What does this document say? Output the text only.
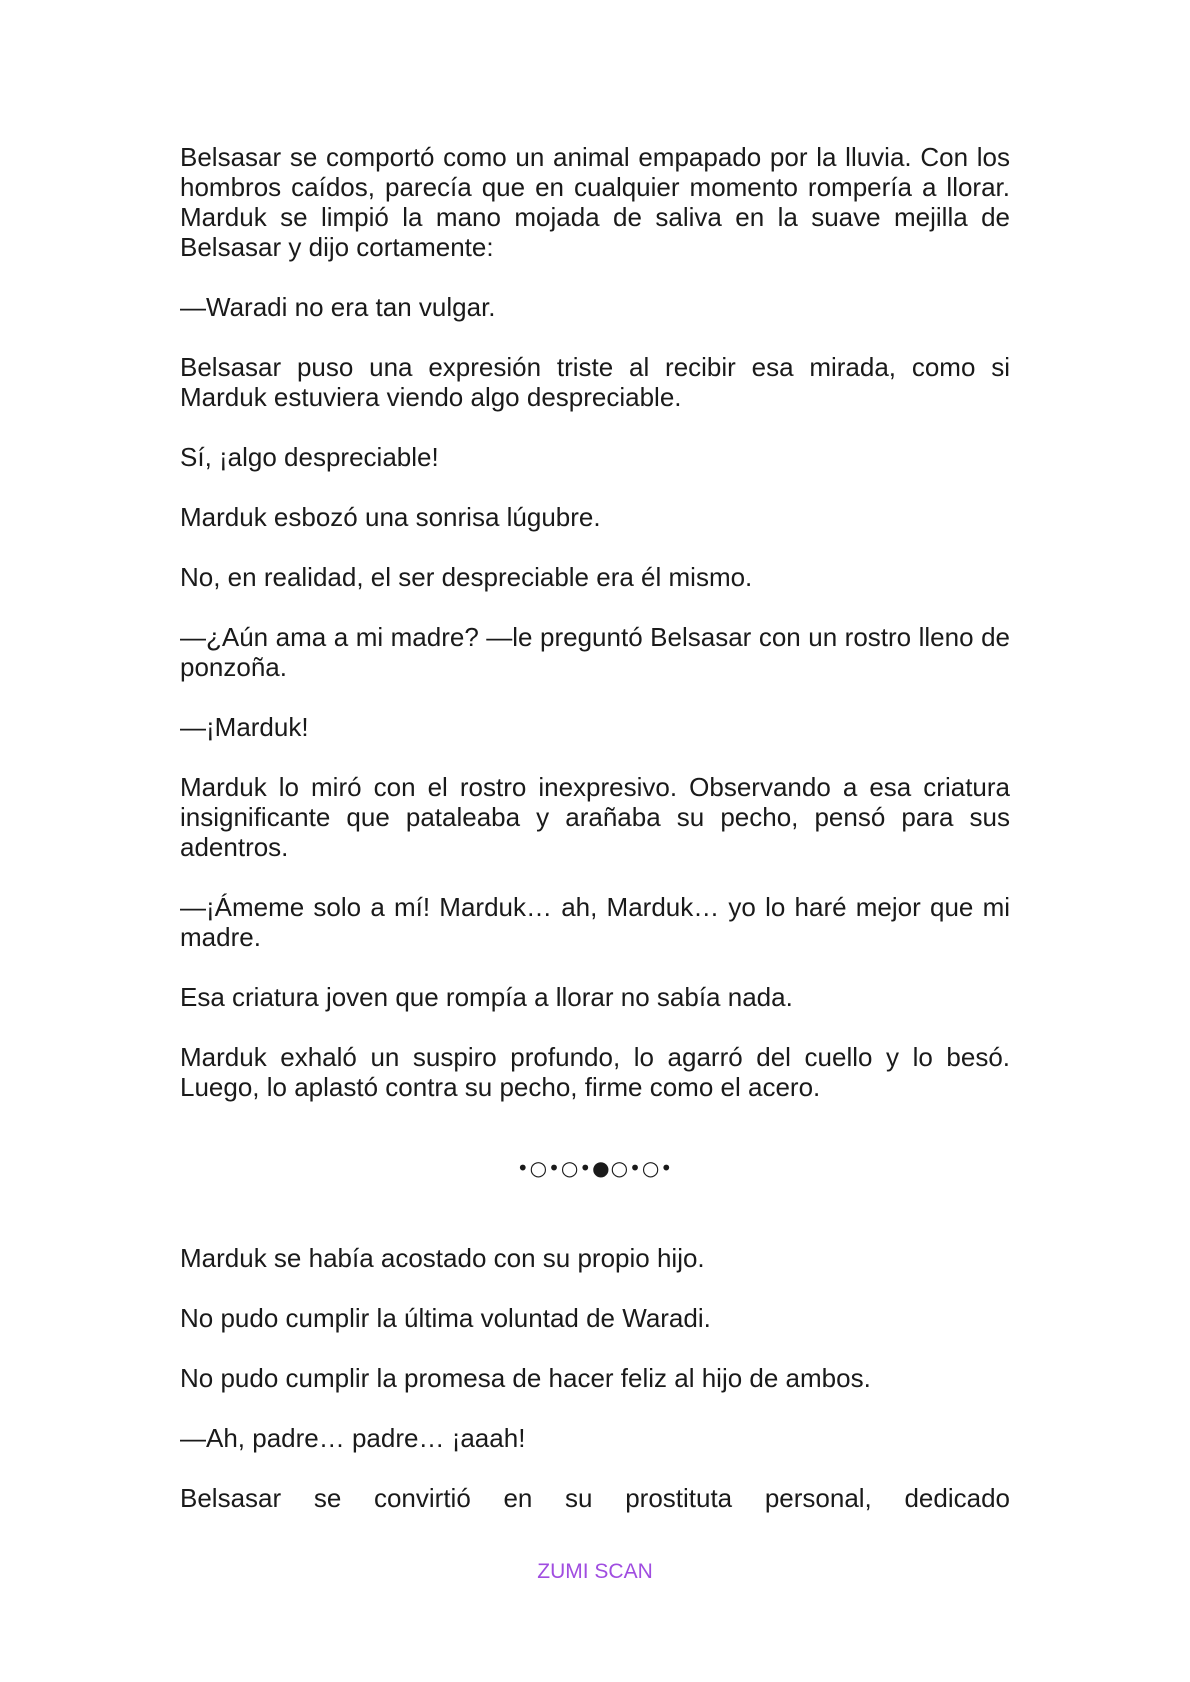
Belsasar se comportó como un animal empapado por la lluvia. Con los hombros caídos, parecía que en cualquier momento rompería a llorar. Marduk se limpió la mano mojada de saliva en la suave mejilla de Belsasar y dijo cortamente:

—Waradi no era tan vulgar.

Belsasar puso una expresión triste al recibir esa mirada, como si Marduk estuviera viendo algo despreciable.

Sí, ¡algo despreciable!

Marduk esbozó una sonrisa lúgubre.

No, en realidad, el ser despreciable era él mismo.

—¿Aún ama a mi madre? —le preguntó Belsasar con un rostro lleno de ponzoña.

—¡Marduk!

Marduk lo miró con el rostro inexpresivo. Observando a esa criatura insignificante que pataleaba y arañaba su pecho, pensó para sus adentros.

—¡Ámeme solo a mí! Marduk… ah, Marduk… yo lo haré mejor que mi madre.

Esa criatura joven que rompía a llorar no sabía nada.

Marduk exhaló un suspiro profundo, lo agarró del cuello y lo besó. Luego, lo aplastó contra su pecho, firme como el acero.

•○•○•●○•○•

Marduk se había acostado con su propio hijo.

No pudo cumplir la última voluntad de Waradi.

No pudo cumplir la promesa de hacer feliz al hijo de ambos.

—Ah, padre… padre… ¡aaah!

Belsasar se convirtió en su prostituta personal, dedicado

ZUMI SCAN
